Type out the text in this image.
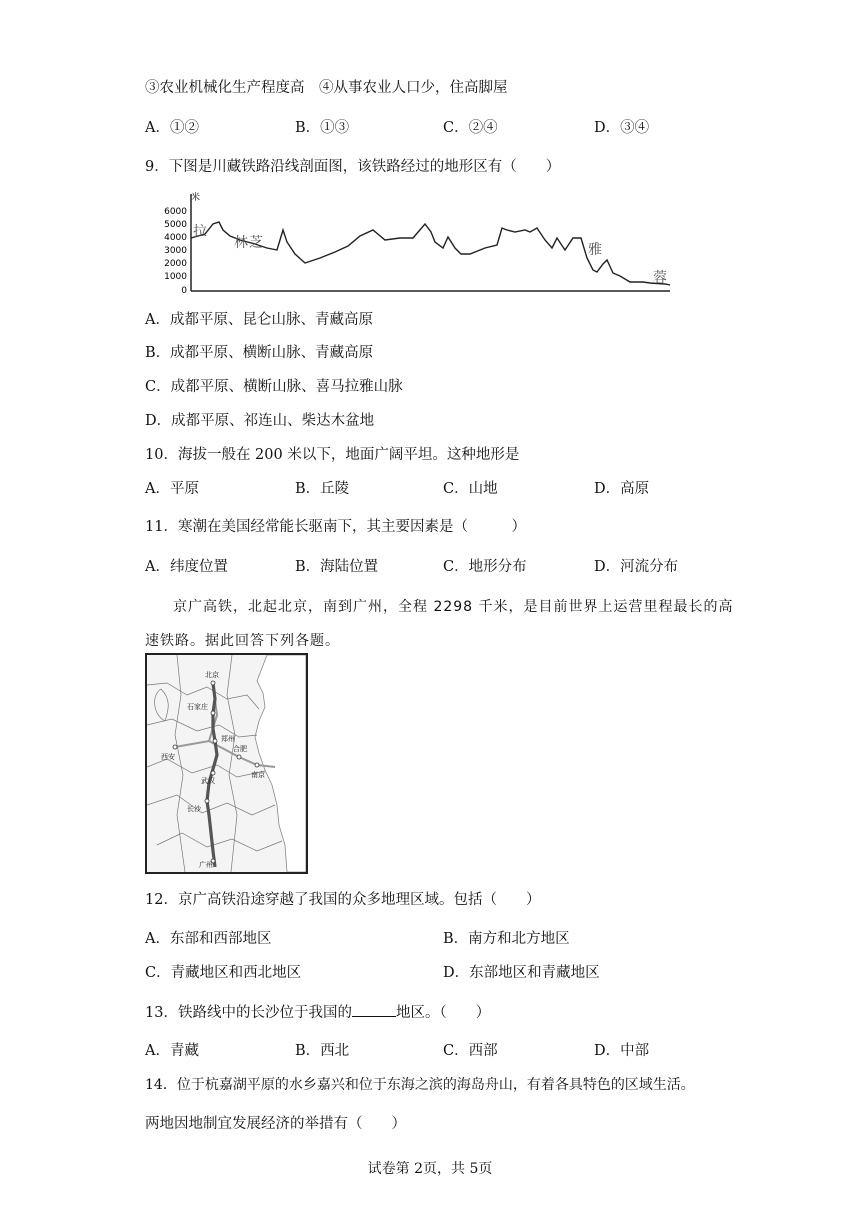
③农业机械化生产程度高　④从事农业人口少，住高脚屋
A．①②	B．①③	C．②④	D．③④
9．下图是川藏铁路沿线剖面图，该铁路经过的地形区有（　　）
米
6000
5000
4000
3000
2000
1000
0
拉
林 芝	雅
蓉
A．成都平原、昆仑山脉、青藏高原
B．成都平原、横断山脉、青藏高原
C．成都平原、横断山脉、喜马拉雅山脉
D．成都平原、祁连山、柴达木盆地
10．海拔一般在 200 米以下，地面广阔平坦。这种地形是
A．平原	B．丘陵	C．山地	D．高原
11．寒潮在美国经常能长驱南下，其主要因素是（　　　）
A．纬度位置	B．海陆位置	C．地形分布	D．河流分布
京广高铁，北起北京，南到广州，全程 2298 千米，是目前世界上运营里程最长的高速铁路。据此回答下列各题。
北京
石家庄
郑州
西安
合肥
南京
武汉
长沙
广州
12．京广高铁沿途穿越了我国的众多地理区域。包括（　　）
A．东部和西部地区	B．南方和北方地区
C．青藏地区和西北地区	D．东部地区和青藏地区
13．铁路线中的长沙位于我国的	地区。（　　）
A．青藏	B．西北	C．西部	D．中部
14．位于杭嘉湖平原的水乡嘉兴和位于东海之滨的海岛舟山，有着各具特色的区域生活。
两地因地制宜发展经济的举措有（　　）
试卷第 2页，共 5页
